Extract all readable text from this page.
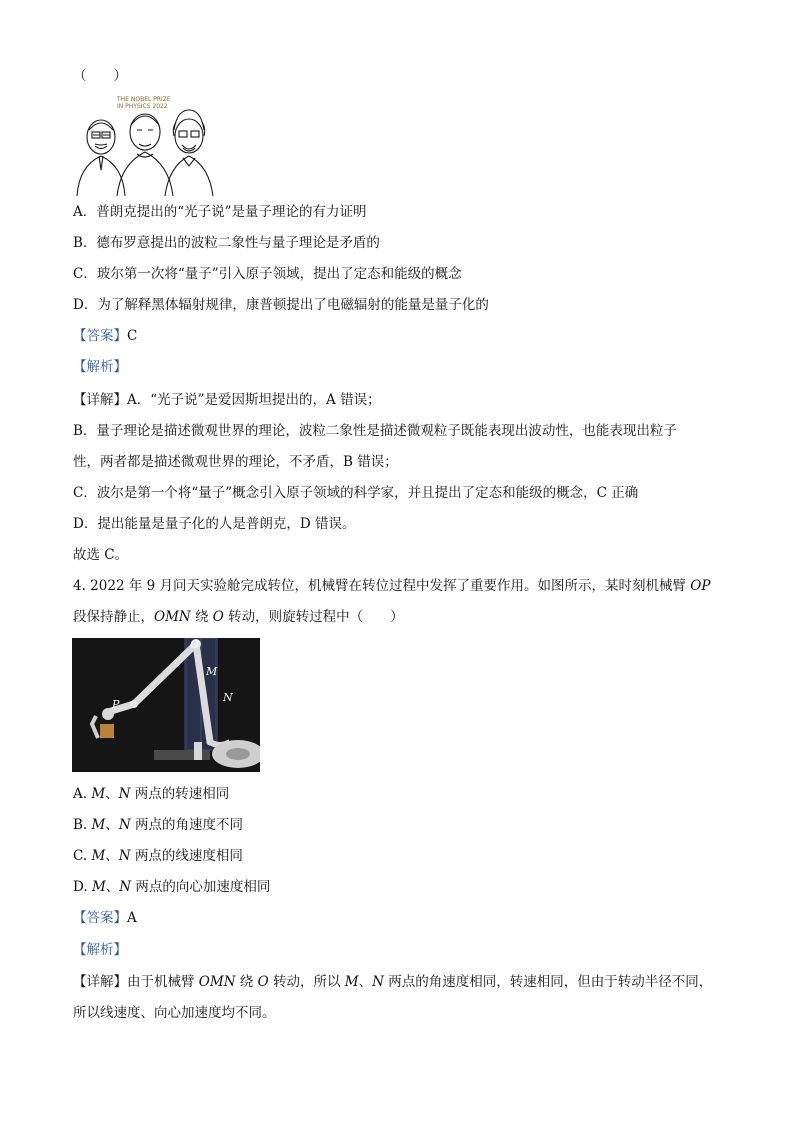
（　　）
THE NOBEL PRIZE
IN PHYSICS 2022
A．普朗克提出的“光子说”是量子理论的有力证明
B．德布罗意提出的波粒二象性与量子理论是矛盾的
C．玻尔第一次将“量子”引入原子领域，提出了定态和能级的概念
D．为了解释黑体辐射规律，康普顿提出了电磁辐射的能量是量子化的
【答案】C
【解析】
【详解】A．“光子说”是爱因斯坦提出的，A 错误；
B．量子理论是描述微观世界的理论，波粒二象性是描述微观粒子既能表现出波动性，也能表现出粒子
性，两者都是描述微观世界的理论，不矛盾，B 错误；
C．波尔是第一个将“量子”概念引入原子领域的科学家，并且提出了定态和能级的概念，C 正确
D．提出能量是量子化的人是普朗克，D 错误。
故选 C。
4. 2022 年 9 月问天实验舱完成转位，机械臂在转位过程中发挥了重要作用。如图所示，某时刻机械臂 OP
段保持静止，OMN 绕 O 转动，则旋转过程中（　　）
O
M
N
P
A. M、N 两点的转速相同
B. M、N 两点的角速度不同
C. M、N 两点的线速度相同
D. M、N 两点的向心加速度相同
【答案】A
【解析】
【详解】由于机械臂 OMN 绕 O 转动，所以 M、N 两点的角速度相同，转速相同，但由于转动半径不同，
所以线速度、向心加速度均不同。
